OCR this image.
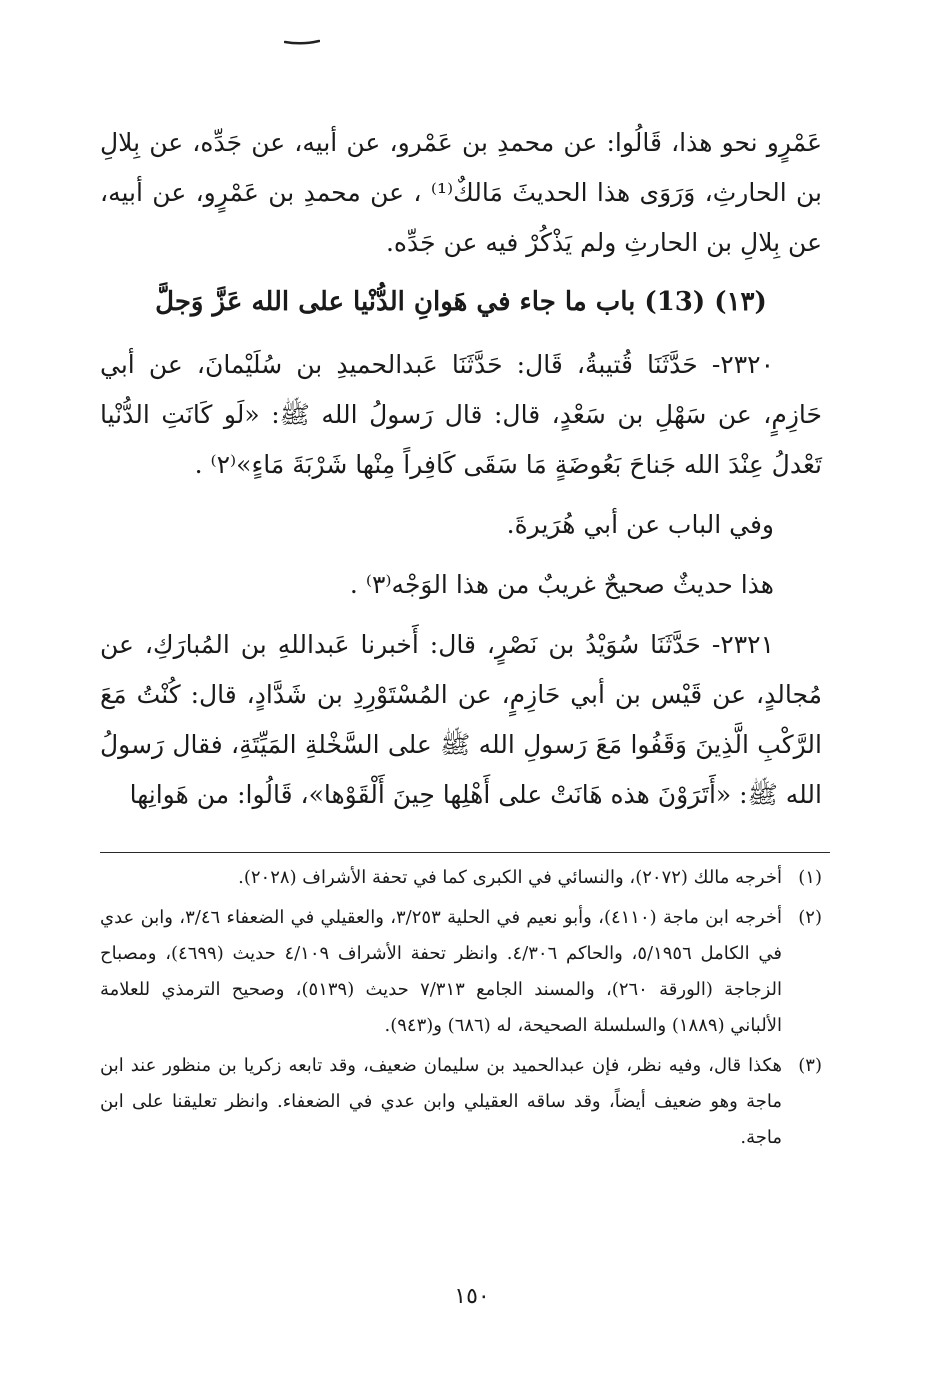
عَمْرٍو نحو هذا، قَالُوا: عن محمدِ بن عَمْرو، عن أبيه، عن جَدِّه، عن بِلالِ بن الحارثِ، وَرَوَى هذا الحديثَ مَالكٌ⁽¹⁾ ، عن محمدِ بن عَمْرٍو، عن أبيه، عن بِلالِ بن الحارثِ ولم يَذْكُرْ فيه عن جَدِّه.

(١٣) (13) باب ما جاء في هَوانِ الدُّنْيا على الله عَزَّ وَجلَّ

٢٣٢٠- حَدَّثَنَا قُتيبةُ، قَال: حَدَّثَنَا عَبدالحميدِ بن سُلَيْمانَ، عن أبي حَازِمٍ، عن سَهْلِ بن سَعْدٍ، قال: قال رَسولُ الله ﷺ: «لَو كَانَتِ الدُّنْيا تَعْدلُ عِنْدَ الله جَناحَ بَعُوضَةٍ مَا سَقَى كَافِراً مِنْها شَرْبَةَ مَاءٍ»⁽٢⁾ .

وفي الباب عن أبي هُرَيرةَ.

هذا حديثٌ صحيحٌ غريبٌ من هذا الوَجْه⁽٣⁾ .

٢٣٢١- حَدَّثَنَا سُوَيْدُ بن نَصْرٍ، قال: أَخبرنا عَبداللهِ بن المُبارَكِ، عن مُجالدٍ، عن قَيْس بن أبي حَازِمٍ، عن المُسْتَوْرِدِ بن شَدَّادٍ، قال: كُنْتُ مَعَ الرَّكْبِ الَّذِينَ وَقَفُوا مَعَ رَسولِ الله ﷺ على السَّخْلةِ المَيِّتَةِ، فقال رَسولُ الله ﷺ: «أَتَرَوْنَ هذه هَانَتْ على أَهْلِها حِينَ أَلْقَوْها»، قَالُوا: من هَوانِها

(١)
أخرجه مالك (٢٠٧٢)، والنسائي في الكبرى كما في تحفة الأشراف (٢٠٢٨).
(٢)
أخرجه ابن ماجة (٤١١٠)، وأبو نعيم في الحلية ٣/٢٥٣، والعقيلي في الضعفاء ٣/٤٦، وابن عدي في الكامل ٥/١٩٥٦، والحاكم ٤/٣٠٦. وانظر تحفة الأشراف ٤/١٠٩ حديث (٤٦٩٩)، ومصباح الزجاجة (الورقة ٢٦٠)، والمسند الجامع ٧/٣١٣ حديث (٥١٣٩)، وصحيح الترمذي للعلامة الألباني (١٨٨٩) والسلسلة الصحيحة، له (٦٨٦) و(٩٤٣).
(٣)
هكذا قال، وفيه نظر، فإن عبدالحميد بن سليمان ضعيف، وقد تابعه زكريا بن منظور عند ابن ماجة وهو ضعيف أيضاً، وقد ساقه العقيلي وابن عدي في الضعفاء. وانظر تعليقنا على ابن ماجة.
١٥٠
